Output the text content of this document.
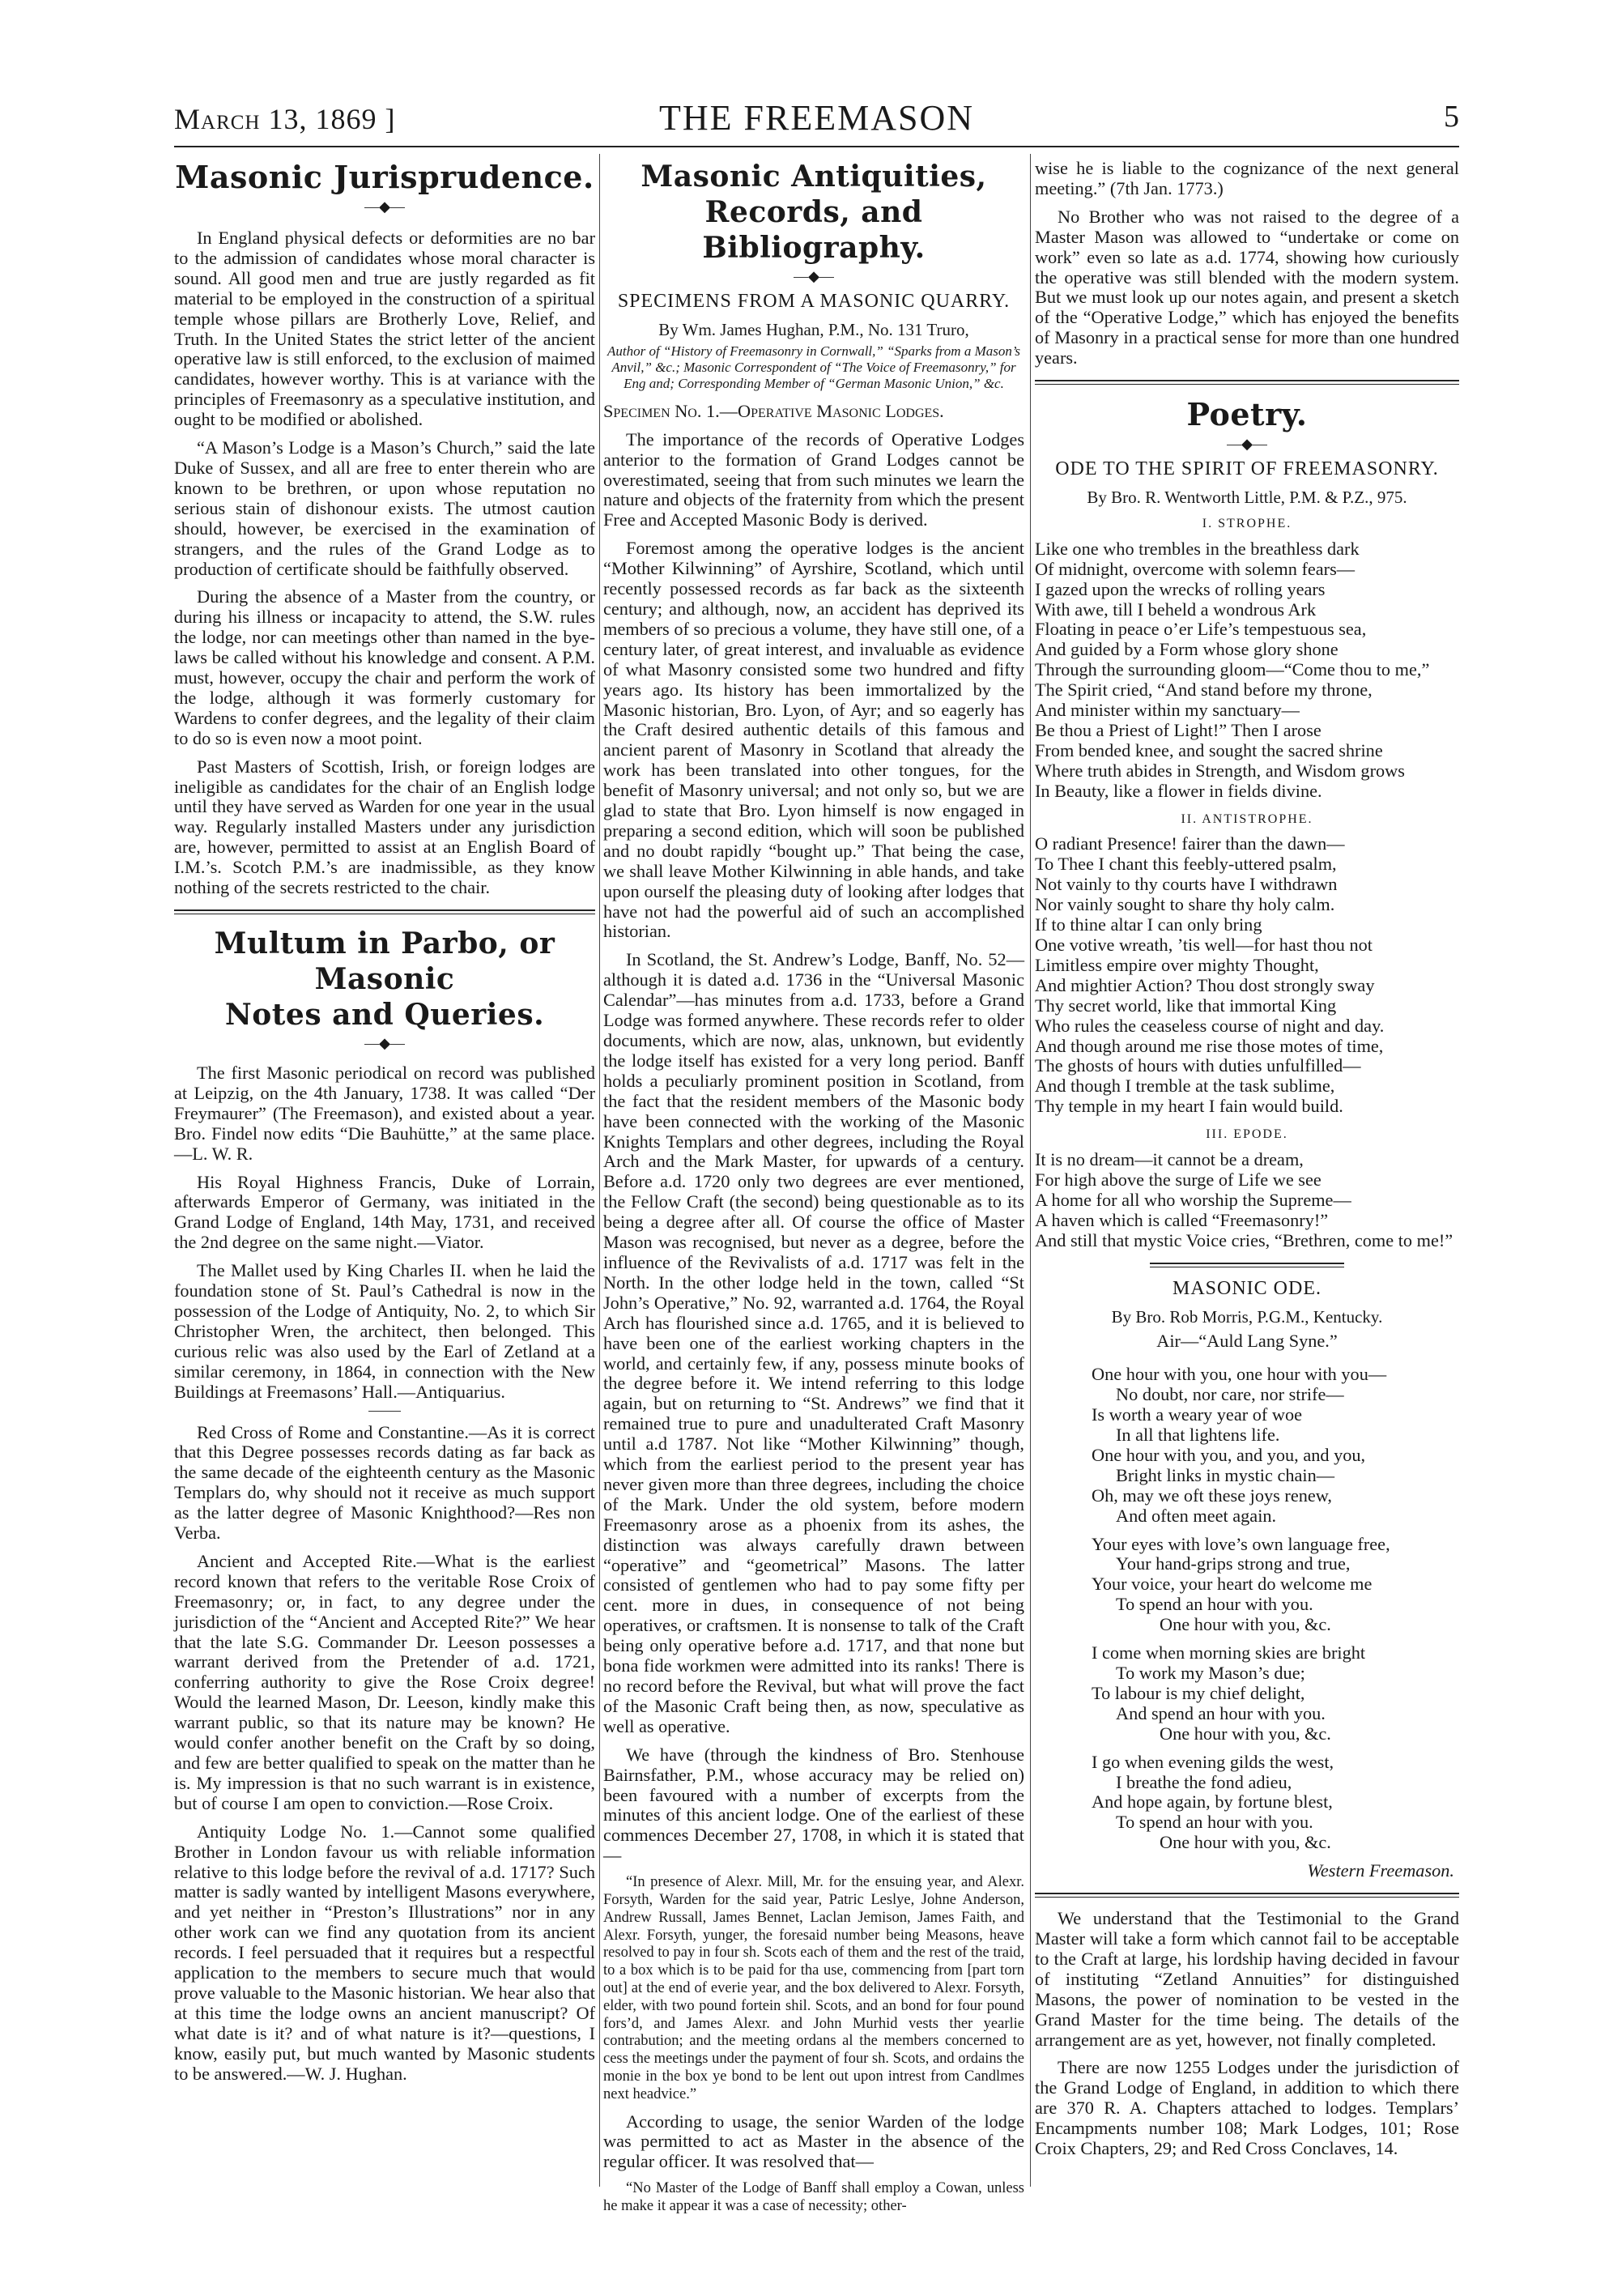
March 13, 1869 ]	THE FREEMASON	5
Masonic Jurisprudence.
—◆—

In England physical defects or deformities are no bar to the admission of candidates whose moral character is sound. All good men and true are justly regarded as fit material to be employed in the construction of a spiritual temple whose pillars are Brotherly Love, Relief, and Truth. In the United States the strict letter of the ancient operative law is still enforced, to the exclusion of maimed candidates, however worthy. This is at variance with the principles of Freemasonry as a speculative institution, and ought to be modified or abolished.

“A Mason’s Lodge is a Mason’s Church,” said the late Duke of Sussex, and all are free to enter therein who are known to be brethren, or upon whose reputation no serious stain of dishonour exists. The utmost caution should, however, be exercised in the examination of strangers, and the rules of the Grand Lodge as to production of certificate should be faithfully observed.

During the absence of a Master from the country, or during his illness or incapacity to attend, the S.W. rules the lodge, nor can meetings other than named in the bye-laws be called without his knowledge and consent. A P.M. must, however, occupy the chair and perform the work of the lodge, although it was formerly customary for Wardens to confer degrees, and the legality of their claim to do so is even now a moot point.

Past Masters of Scottish, Irish, or foreign lodges are ineligible as candidates for the chair of an English lodge until they have served as Warden for one year in the usual way. Regularly installed Masters under any jurisdiction are, however, permitted to assist at an English Board of I.M.’s. Scotch P.M.’s are inadmissible, as they know nothing of the secrets restricted to the chair.

Multum in Parbo, or Masonic
Notes and Queries.
—◆—

The first Masonic periodical on record was published at Leipzig, on the 4th January, 1738. It was called “Der Freymaurer” (The Freemason), and existed about a year. Bro. Findel now edits “Die Bauhütte,” at the same place.—L. W. R.

His Royal Highness Francis, Duke of Lorrain, afterwards Emperor of Germany, was initiated in the Grand Lodge of England, 14th May, 1731, and received the 2nd degree on the same night.—Viator.

The Mallet used by King Charles II. when he laid the foundation stone of St. Paul’s Cathedral is now in the possession of the Lodge of Antiquity, No. 2, to which Sir Christopher Wren, the architect, then belonged. This curious relic was also used by the Earl of Zetland at a similar ceremony, in 1864, in connection with the New Buildings at Freemasons’ Hall.—Antiquarius.

Red Cross of Rome and Constantine.—As it is correct that this Degree possesses records dating as far back as the same decade of the eighteenth century as the Masonic Templars do, why should not it receive as much support as the latter degree of Masonic Knighthood?—Res non Verba.

Ancient and Accepted Rite.—What is the earliest record known that refers to the veritable Rose Croix of Freemasonry; or, in fact, to any degree under the jurisdiction of the “Ancient and Accepted Rite?” We hear that the late S.G. Commander Dr. Leeson possesses a warrant derived from the Pretender of a.d. 1721, conferring authority to give the Rose Croix degree! Would the learned Mason, Dr. Leeson, kindly make this warrant public, so that its nature may be known? He would confer another benefit on the Craft by so doing, and few are better qualified to speak on the matter than he is. My impression is that no such warrant is in existence, but of course I am open to conviction.—Rose Croix.

Antiquity Lodge No. 1.—Cannot some qualified Brother in London favour us with reliable information relative to this lodge before the revival of a.d. 1717? Such matter is sadly wanted by intelligent Masons everywhere, and yet neither in “Preston’s Illustrations” nor in any other work can we find any quotation from its ancient records. I feel persuaded that it requires but a respectful application to the members to secure much that would prove valuable to the Masonic historian. We hear also that at this time the lodge owns an ancient manuscript? Of what date is it? and of what nature is it?—questions, I know, easily put, but much wanted by Masonic students to be answered.—W. J. Hughan.

Masonic Antiquities, Records, and
Bibliography.
—◆—
SPECIMENS FROM A MASONIC QUARRY.
By Wm. James Hughan, P.M., No. 131 Truro,
Author of “History of Freemasonry in Cornwall,” “Sparks from a Mason’s Anvil,” &c.; Masonic Correspondent of “The Voice of Freemasonry,” for Eng and; Corresponding Member of “German Masonic Union,” &c.

Specimen No. 1.—Operative Masonic Lodges.

The importance of the records of Operative Lodges anterior to the formation of Grand Lodges cannot be overestimated, seeing that from such minutes we learn the nature and objects of the fraternity from which the present Free and Accepted Masonic Body is derived.

Foremost among the operative lodges is the ancient “Mother Kilwinning” of Ayrshire, Scotland, which until recently possessed records as far back as the sixteenth century; and although, now, an accident has deprived its members of so precious a volume, they have still one, of a century later, of great interest, and invaluable as evidence of what Masonry consisted some two hundred and fifty years ago. Its history has been immortalized by the Masonic historian, Bro. Lyon, of Ayr; and so eagerly has the Craft desired authentic details of this famous and ancient parent of Masonry in Scotland that already the work has been translated into other tongues, for the benefit of Masonry universal; and not only so, but we are glad to state that Bro. Lyon himself is now engaged in preparing a second edition, which will soon be published and no doubt rapidly “bought up.” That being the case, we shall leave Mother Kilwinning in able hands, and take upon ourself the pleasing duty of looking after lodges that have not had the powerful aid of such an accomplished historian.

In Scotland, the St. Andrew’s Lodge, Banff, No. 52—although it is dated a.d. 1736 in the “Universal Masonic Calendar”—has minutes from a.d. 1733, before a Grand Lodge was formed anywhere. These records refer to older documents, which are now, alas, unknown, but evidently the lodge itself has existed for a very long period. Banff holds a peculiarly prominent position in Scotland, from the fact that the resident members of the Masonic body have been connected with the working of the Masonic Knights Templars and other degrees, including the Royal Arch and the Mark Master, for upwards of a century. Before a.d. 1720 only two degrees are ever mentioned, the Fellow Craft (the second) being questionable as to its being a degree after all. Of course the office of Master Mason was recognised, but never as a degree, before the influence of the Revivalists of a.d. 1717 was felt in the North. In the other lodge held in the town, called “St John’s Operative,” No. 92, warranted a.d. 1764, the Royal Arch has flourished since a.d. 1765, and it is believed to have been one of the earliest working chapters in the world, and certainly few, if any, possess minute books of the degree before it. We intend referring to this lodge again, but on returning to “St. Andrews” we find that it remained true to pure and unadulterated Craft Masonry until a.d 1787. Not like “Mother Kilwinning” though, which from the earliest period to the present year has never given more than three degrees, including the choice of the Mark. Under the old system, before modern Freemasonry arose as a phoenix from its ashes, the distinction was always carefully drawn between “operative” and “geometrical” Masons. The latter consisted of gentlemen who had to pay some fifty per cent. more in dues, in consequence of not being operatives, or craftsmen. It is nonsense to talk of the Craft being only operative before a.d. 1717, and that none but bona fide workmen were admitted into its ranks! There is no record before the Revival, but what will prove the fact of the Masonic Craft being then, as now, speculative as well as operative.

We have (through the kindness of Bro. Stenhouse Bairnsfather, P.M., whose accuracy may be relied on) been favoured with a number of excerpts from the minutes of this ancient lodge. One of the earliest of these commences December 27, 1708, in which it is stated that—

“In presence of Alexr. Mill, Mr. for the ensuing year, and Alexr. Forsyth, Warden for the said year, Patric Leslye, Johne Anderson, Andrew Russall, James Bennet, Laclan Jemison, James Faith, and Alexr. Forsyth, yunger, the foresaid number being Measons, heave resolved to pay in four sh. Scots each of them and the rest of the traid, to a box which is to be paid for tha use, commencing from [part torn out] at the end of everie year, and the box delivered to Alexr. Forsyth, elder, with two pound fortein shil. Scots, and an bond for four pound fors’d, and James Alexr. and John Murhid vests ther yearlie contrabution; and the meeting ordans al the members concerned to cess the meetings under the payment of four sh. Scots, and ordains the monie in the box ye bond to be lent out upon intrest from Candlmes next headvice.”

According to usage, the senior Warden of the lodge was permitted to act as Master in the absence of the regular officer. It was resolved that—

“No Master of the Lodge of Banff shall employ a Cowan, unless he make it appear it was a case of necessity; other-

wise he is liable to the cognizance of the next general meeting.” (7th Jan. 1773.)

No Brother who was not raised to the degree of a Master Mason was allowed to “undertake or come on work” even so late as a.d. 1774, showing how curiously the operative was still blended with the modern system. But we must look up our notes again, and present a sketch of the “Operative Lodge,” which has enjoyed the benefits of Masonry in a practical sense for more than one hundred years.

Poetry.
—◆—
ODE TO THE SPIRIT OF FREEMASONRY.
By Bro. R. Wentworth Little, P.M. & P.Z., 975.
I. STROPHE.
Like one who trembles in the breathless dark
Of midnight, overcome with solemn fears—
I gazed upon the wrecks of rolling years
With awe, till I beheld a wondrous Ark
Floating in peace o’er Life’s tempestuous sea,
And guided by a Form whose glory shone
Through the surrounding gloom—“Come thou to me,”
The Spirit cried, “And stand before my throne,
And minister within my sanctuary—
Be thou a Priest of Light!” Then I arose
From bended knee, and sought the sacred shrine
Where truth abides in Strength, and Wisdom grows
In Beauty, like a flower in fields divine.
II. ANTISTROPHE.
O radiant Presence! fairer than the dawn—
To Thee I chant this feebly-uttered psalm,
Not vainly to thy courts have I withdrawn
Nor vainly sought to share thy holy calm.
If to thine altar I can only bring
One votive wreath, ’tis well—for hast thou not
Limitless empire over mighty Thought,
And mightier Action? Thou dost strongly sway
Thy secret world, like that immortal King
Who rules the ceaseless course of night and day.
And though around me rise those motes of time,
The ghosts of hours with duties unfulfilled—
And though I tremble at the task sublime,
Thy temple in my heart I fain would build.
III. EPODE.
It is no dream—it cannot be a dream,
For high above the surge of Life we see
A home for all who worship the Supreme—
A haven which is called “Freemasonry!”
And still that mystic Voice cries, “Brethren, come to me!”
MASONIC ODE.
By Bro. Rob Morris, P.G.M., Kentucky.
Air—“Auld Lang Syne.”
One hour with you, one hour with you—
No doubt, nor care, nor strife—
Is worth a weary year of woe
In all that lightens life.
One hour with you, and you, and you,
Bright links in mystic chain—
Oh, may we oft these joys renew,
And often meet again.
Your eyes with love’s own language free,
Your hand-grips strong and true,
Your voice, your heart do welcome me
To spend an hour with you.
One hour with you, &c.
I come when morning skies are bright
To work my Mason’s due;
To labour is my chief delight,
And spend an hour with you.
One hour with you, &c.
I go when evening gilds the west,
I breathe the fond adieu,
And hope again, by fortune blest,
To spend an hour with you.
One hour with you, &c.
Western Freemason.

We understand that the Testimonial to the Grand Master will take a form which cannot fail to be acceptable to the Craft at large, his lordship having decided in favour of instituting “Zetland Annuities” for distinguished Masons, the power of nomination to be vested in the Grand Master for the time being. The details of the arrangement are as yet, however, not finally completed.

There are now 1255 Lodges under the jurisdiction of the Grand Lodge of England, in addition to which there are 370 R. A. Chapters attached to lodges. Templars’ Encampments number 108; Mark Lodges, 101; Rose Croix Chapters, 29; and Red Cross Conclaves, 14.
